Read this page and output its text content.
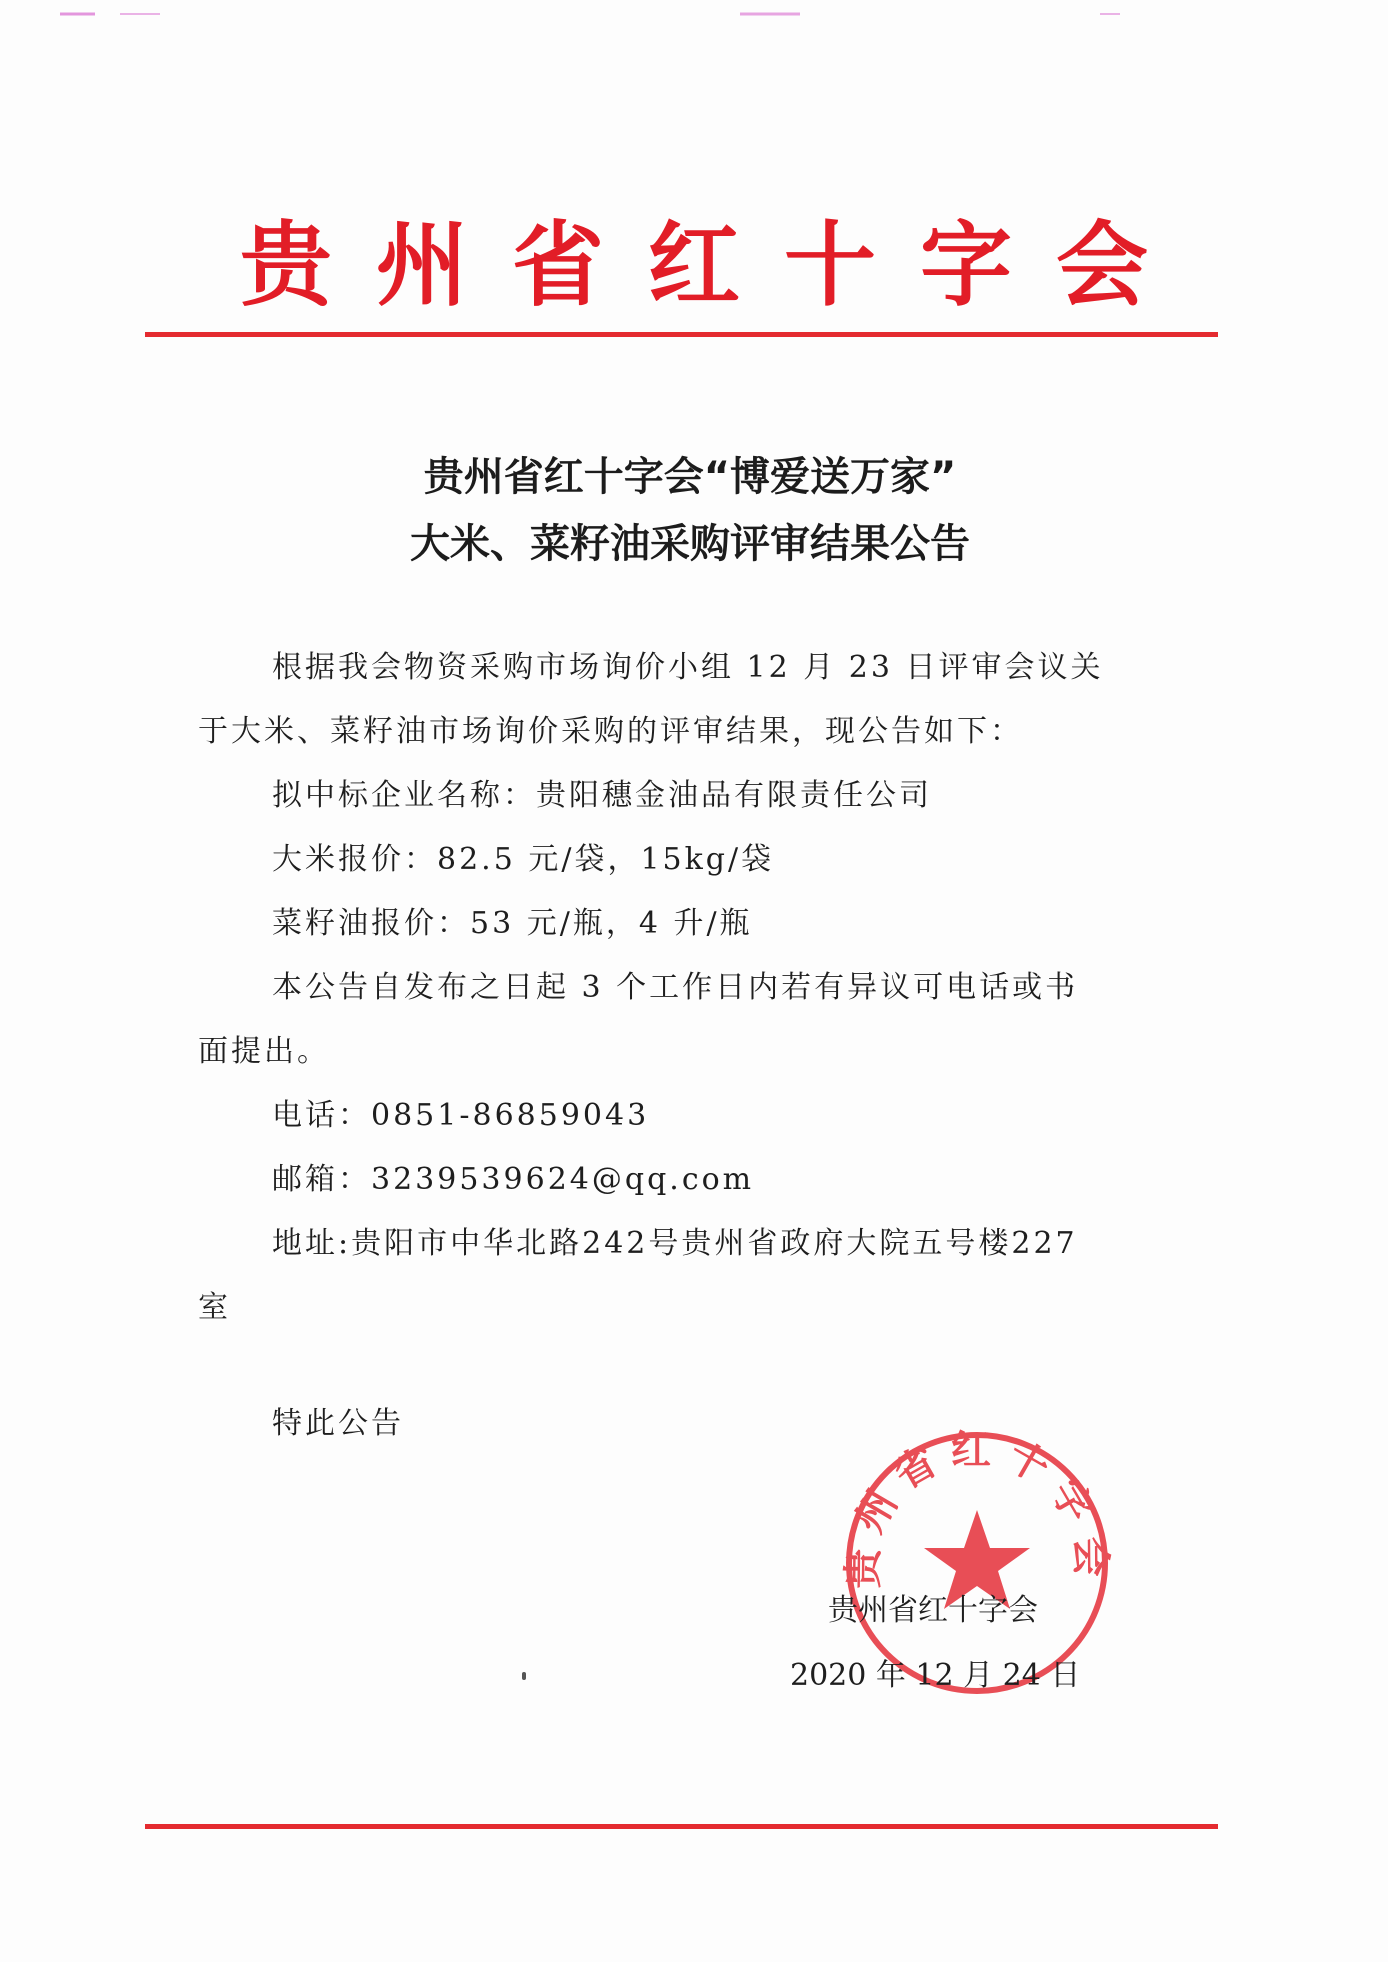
贵州省红十字会
贵州省红十字会“博爱送万家”
大米、菜籽油采购评审结果公告
根据我会物资采购市场询价小组 12 月 23 日评审会议关
于大米、菜籽油市场询价采购的评审结果，现公告如下：
拟中标企业名称：贵阳穗金油品有限责任公司
大米报价：82.5 元/袋，15kg/袋
菜籽油报价：53 元/瓶，4 升/瓶
本公告自发布之日起 3 个工作日内若有异议可电话或书
面提出。
电话：0851-86859043
邮箱：3239539624@qq.com
地址:贵阳市中华北路242号贵州省政府大院五号楼227
室
特此公告
贵州省红十字会
贵州省红十字会
2020 年 12 月 24 日
